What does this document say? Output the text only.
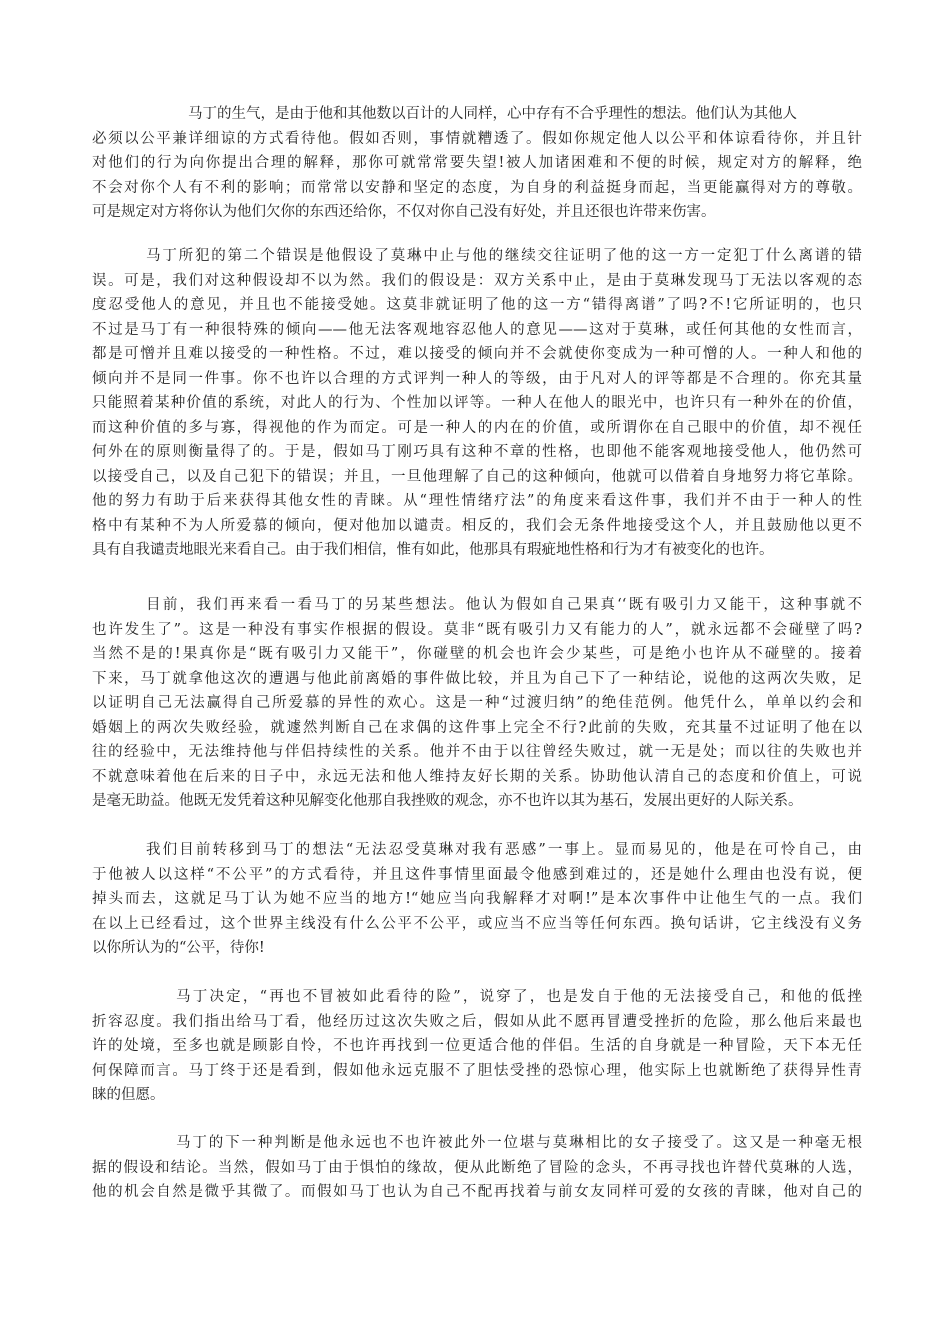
马丁的生气，是由于他和其他数以百计的人同样，心中存有不合乎理性的想法。他们认为其他人
必须以公平兼详细谅的方式看待他。假如否则，事情就糟透了。假如你规定他人以公平和体谅看待你，并且针
对他们的行为向你提出合理的解释，那你可就常常要失望!被人加诸困难和不便的时候，规定对方的解释，绝
不会对你个人有不利的影响；而常常以安静和坚定的态度，为自身的利益挺身而起，当更能赢得对方的尊敬。
可是规定对方将你认为他们欠你的东西还给你，不仅对你自己没有好处，并且还很也许带来伤害。

马丁所犯的第二个错误是他假设了莫琳中止与他的继续交往证明了他的这一方一定犯丁什么离谱的错
误。可是，我们对这种假设却不以为然。我们的假设是：双方关系中止，是由于莫琳发现马丁无法以客观的态
度忍受他人的意见，并且也不能接受她。这莫非就证明了他的这一方“错得离谱”了吗?不!它所证明的，也只
不过是马丁有一种很特殊的倾向——他无法客观地容忍他人的意见——这对于莫琳，或任何其他的女性而言，
都是可憎并且难以接受的一种性格。不过，难以接受的倾向并不会就使你变成为一种可憎的人。一种人和他的
倾向并不是同一件事。你不也许以合理的方式评判一种人的等级，由于凡对人的评等都是不合理的。你充其量
只能照着某种价值的系统，对此人的行为、个性加以评等。一种人在他人的眼光中，也许只有一种外在的价值，
而这种价值的多与寡，得视他的作为而定。可是一种人的内在的价值，或所谓你在自己眼中的价值，却不视任
何外在的原则衡量得了的。于是，假如马丁刚巧具有这种不章的性格，也即他不能客观地接受他人，他仍然可
以接受自己，以及自己犯下的错误；并且，一旦他理解了自己的这种倾向，他就可以借着自身地努力将它革除。
他的努力有助于后来获得其他女性的青睐。从“理性情绪疗法”的角度来看这件事，我们并不由于一种人的性
格中有某种不为人所爱慕的倾向，便对他加以谴责。相反的，我们会无条件地接受这个人，并且鼓励他以更不
具有自我谴责地眼光来看自己。由于我们相信，惟有如此，他那具有瑕疵地性格和行为才有被变化的也许。

目前，我们再来看一看马丁的另某些想法。他认为假如自己果真‘‘既有吸引力又能干，这种事就不
也许发生了”。这是一种没有事实作根据的假设。莫非“既有吸引力又有能力的人”，就永远都不会碰壁了吗?
当然不是的!果真你是“既有吸引力又能干”，你碰壁的机会也许会少某些，可是绝小也许从不碰壁的。接着
下来，马丁就拿他这次的遭遇与他此前离婚的事件做比较，并且为自己下了一种结论，说他的这两次失败，足
以证明自己无法赢得自己所爱慕的异性的欢心。这是一种“过渡归纳”的绝佳范例。他凭什么，单单以约会和
婚姻上的两次失败经验，就遽然判断自己在求偶的这件事上完全不行?此前的失败，充其量不过证明了他在以
往的经验中，无法维持他与伴侣持续性的关系。他并不由于以往曾经失败过，就一无是处；而以往的失败也并
不就意味着他在后来的日子中，永远无法和他人维持友好长期的关系。协助他认清自己的态度和价值上，可说
是毫无助益。他既无发凭着这种见解变化他那自我挫败的观念，亦不也许以其为基石，发展出更好的人际关系。

我们目前转移到马丁的想法“无法忍受莫琳对我有恶感”一事上。显而易见的，他是在可怜自己，由
于他被人以这样“不公平”的方式看待，并且这件事情里面最令他感到难过的，还是她什么理由也没有说，便
掉头而去，这就足马丁认为她不应当的地方!“她应当向我解释才对啊!”是本次事件中让他生气的一点。我们
在以上已经看过，这个世界主线没有什么公平不公平，或应当不应当等任何东西。换句话讲，它主线没有义务
以你所认为的“公平，待你!

马丁决定，“再也不冒被如此看待的险”，说穿了，也是发自于他的无法接受自己，和他的低挫
折容忍度。我们指出给马丁看，他经历过这次失败之后，假如从此不愿再冒遭受挫折的危险，那么他后来最也
许的处境，至多也就是顾影自怜，不也许再找到一位更适合他的伴侣。生活的自身就是一种冒险，天下本无任
何保障而言。马丁终于还是看到，假如他永远克服不了胆怯受挫的恐惊心理，他实际上也就断绝了获得异性青
睐的但愿。

马丁的下一种判断是他永远也不也许被此外一位堪与莫琳相比的女子接受了。这又是一种毫无根
据的假设和结论。当然，假如马丁由于惧怕的缘故，便从此断绝了冒险的念头，不再寻找也许替代莫琳的人选，
他的机会自然是微乎其微了。而假如马丁也认为自己不配再找着与前女友同样可爱的女孩的青睐，他对自己的
